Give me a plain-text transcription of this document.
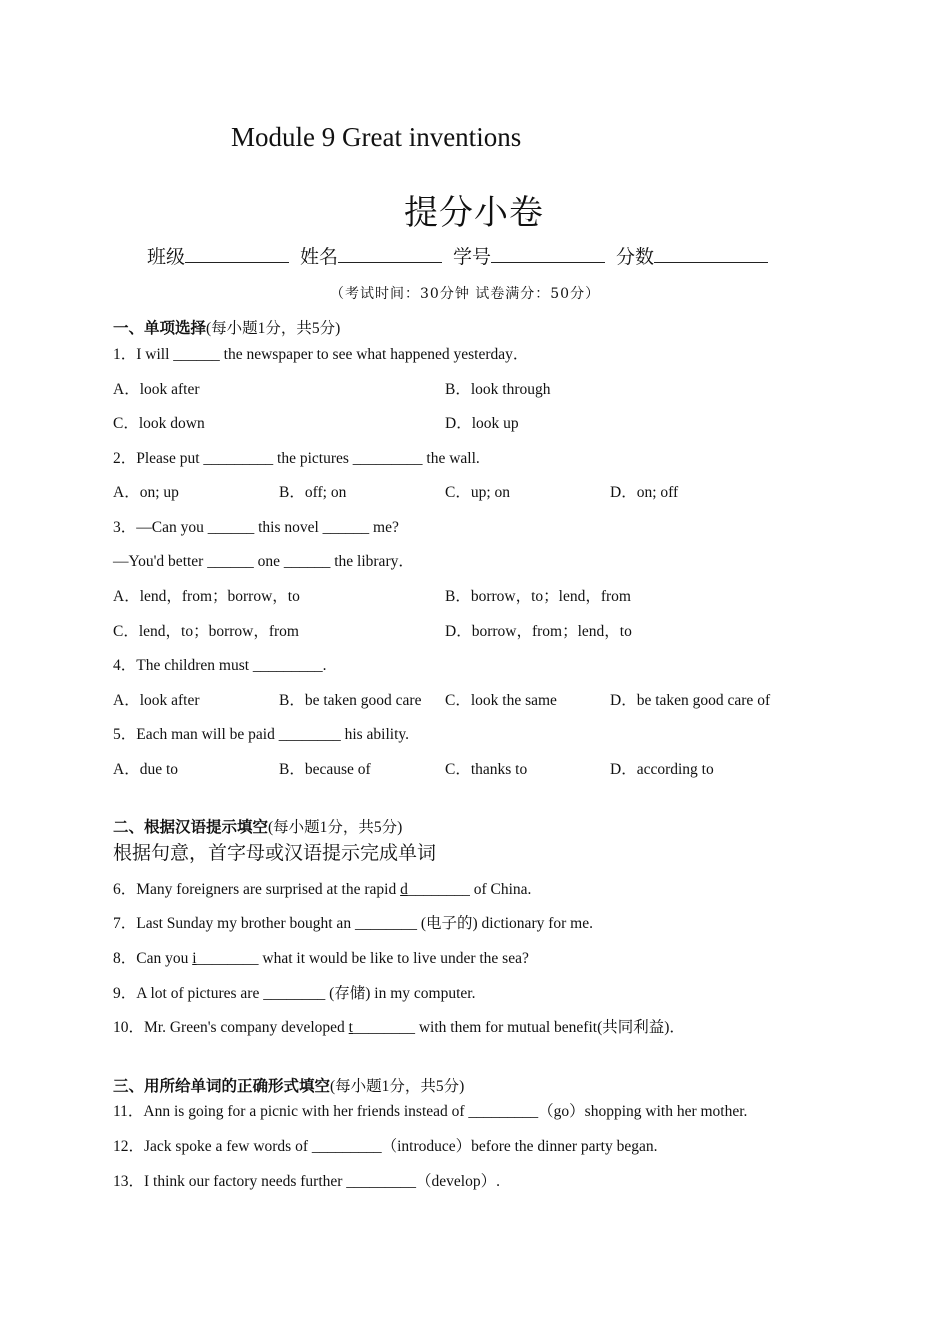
Module 9 Great inventions
提分小卷
班级	姓名	学号	分数
（考试时间：30分钟 试卷满分：50分）
一、单项选择(每小题1分，共5分)
1．I will ______ the newspaper to see what happened yesterday．
A．look after	B．look through
C．look down	D．look up
2．Please put _________ the pictures _________ the wall.
A．on; up	B．off; on	C．up; on	D．on; off
3．—Can you ______ this novel ______ me?
—You'd better ______ one ______ the library．
A．lend，from；borrow，to	B．borrow，to；lend，from
C．lend，to；borrow，from	D．borrow，from；lend，to
4．The children must _________.
A．look after	B．be taken good care C．look the same	D．be taken good care of
5．Each man will be paid ________ his ability.
A．due to	B．because of	C．thanks to	D．according to
二、根据汉语提示填空(每小题1分，共5分)
根据句意，首字母或汉语提示完成单词
6．Many foreigners are surprised at the rapid d________ of China.
7．Last Sunday my brother bought an ________ (电子的) dictionary for me.
8．Can you i________ what it would be like to live under the sea?
9．A lot of pictures are ________ (存储) in my computer.
10．Mr. Green's company developed t________ with them for mutual benefit(共同利益)．
三、用所给单词的正确形式填空(每小题1分，共5分)
11．Ann is going for a picnic with her friends instead of _________（go）shopping with her mother.
12．Jack spoke a few words of _________（introduce）before the dinner party began.
13．I think our factory needs further _________（develop）.
